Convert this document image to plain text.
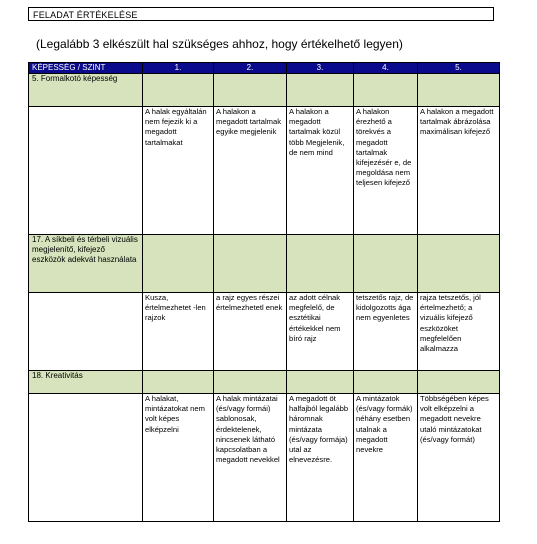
FELADAT ÉRTÉKELÉSE
(Legalább 3 elkészült hal szükséges ahhoz, hogy értékelhető legyen)
KÉPESSÉG / SZINT	1.	2.	3.	4.	5.
5. Formalkotó képesség					
	A halak egyáltalán nem fejezik ki a megadott tartalmakat	A halakon a megadott tartalmak egyike megjelenik	A halakon a megadott tartalmak közül több Megjelenik, de nem mind	A halakon érezhető a törekvés a megadott tartalmak kifejezésér e, de megoldása nem teljesen kifejező	A halakon a megadott tartalmak ábrázolása maximálisan kifejező
17. A síkbeli és térbeli vizuális megjelenítő, kifejező eszközök adekvát használata					
	Kusza, értelmezhetet -len rajzok	a rajz egyes részei értelmezhetetl enek	az adott célnak megfelelő, de esztétikai értékekkel nem bíró rajz	tetszetős rajz, de kidolgozotts ága nem egyenletes	rajza tetszetős, jól értelmezhető; a vizuális kifejező eszközöket megfelelően alkalmazza
18. Kreativitás					
	A halakat, mintázatokat nem volt képes elképzelni	A halak mintázatai (és/vagy formái) sablonosak, érdektelenek, nincsenek látható kapcsolatban a megadott nevekkel	A megadott öt halfajból legalább háromnak mintázata (és/vagy formája) utal az elnevezésre.	A mintázatok (és/vagy formák) néhány esetben utalnak a megadott nevekre	Többségében képes volt elképzelni a megadott nevekre utaló mintázatokat (és/vagy formát)
